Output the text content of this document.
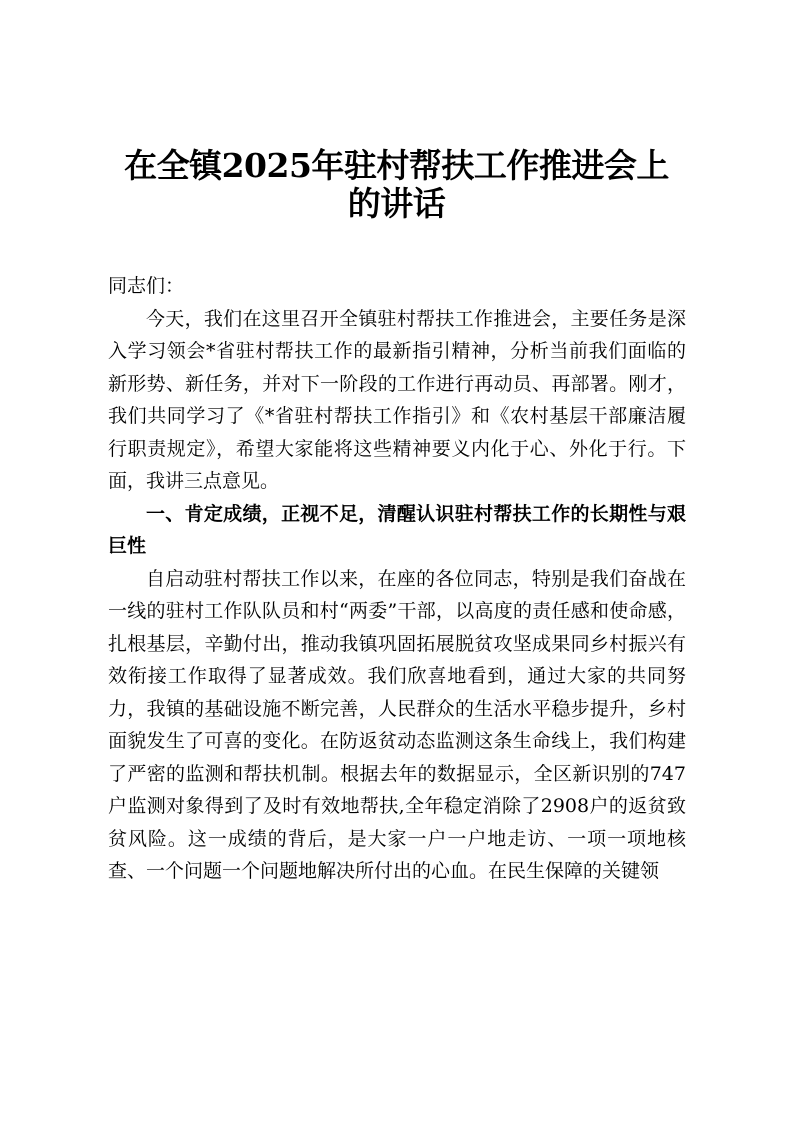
在全镇2025年驻村帮扶工作推进会上
的讲话

同志们：

今天，我们在这里召开全镇驻村帮扶工作推进会，主要任务是深入学习领会*省驻村帮扶工作的最新指引精神，分析当前我们面临的新形势、新任务，并对下一阶段的工作进行再动员、再部署。刚才，我们共同学习了《*省驻村帮扶工作指引》和《农村基层干部廉洁履行职责规定》，希望大家能将这些精神要义内化于心、外化于行。下面，我讲三点意见。

一、肯定成绩，正视不足，清醒认识驻村帮扶工作的长期性与艰巨性

自启动驻村帮扶工作以来，在座的各位同志，特别是我们奋战在一线的驻村工作队队员和村“两委”干部，以高度的责任感和使命感，扎根基层，辛勤付出，推动我镇巩固拓展脱贫攻坚成果同乡村振兴有效衔接工作取得了显著成效。我们欣喜地看到，通过大家的共同努力，我镇的基础设施不断完善，人民群众的生活水平稳步提升，乡村面貌发生了可喜的变化。在防返贫动态监测这条生命线上，我们构建了严密的监测和帮扶机制。根据去年的数据显示，全区新识别的747户监测对象得到了及时有效地帮扶,全年稳定消除了2908户的返贫致贫风险。这一成绩的背后，是大家一户一户地走访、一项一项地核查、一个问题一个问题地解决所付出的心血。在民生保障的关键领
